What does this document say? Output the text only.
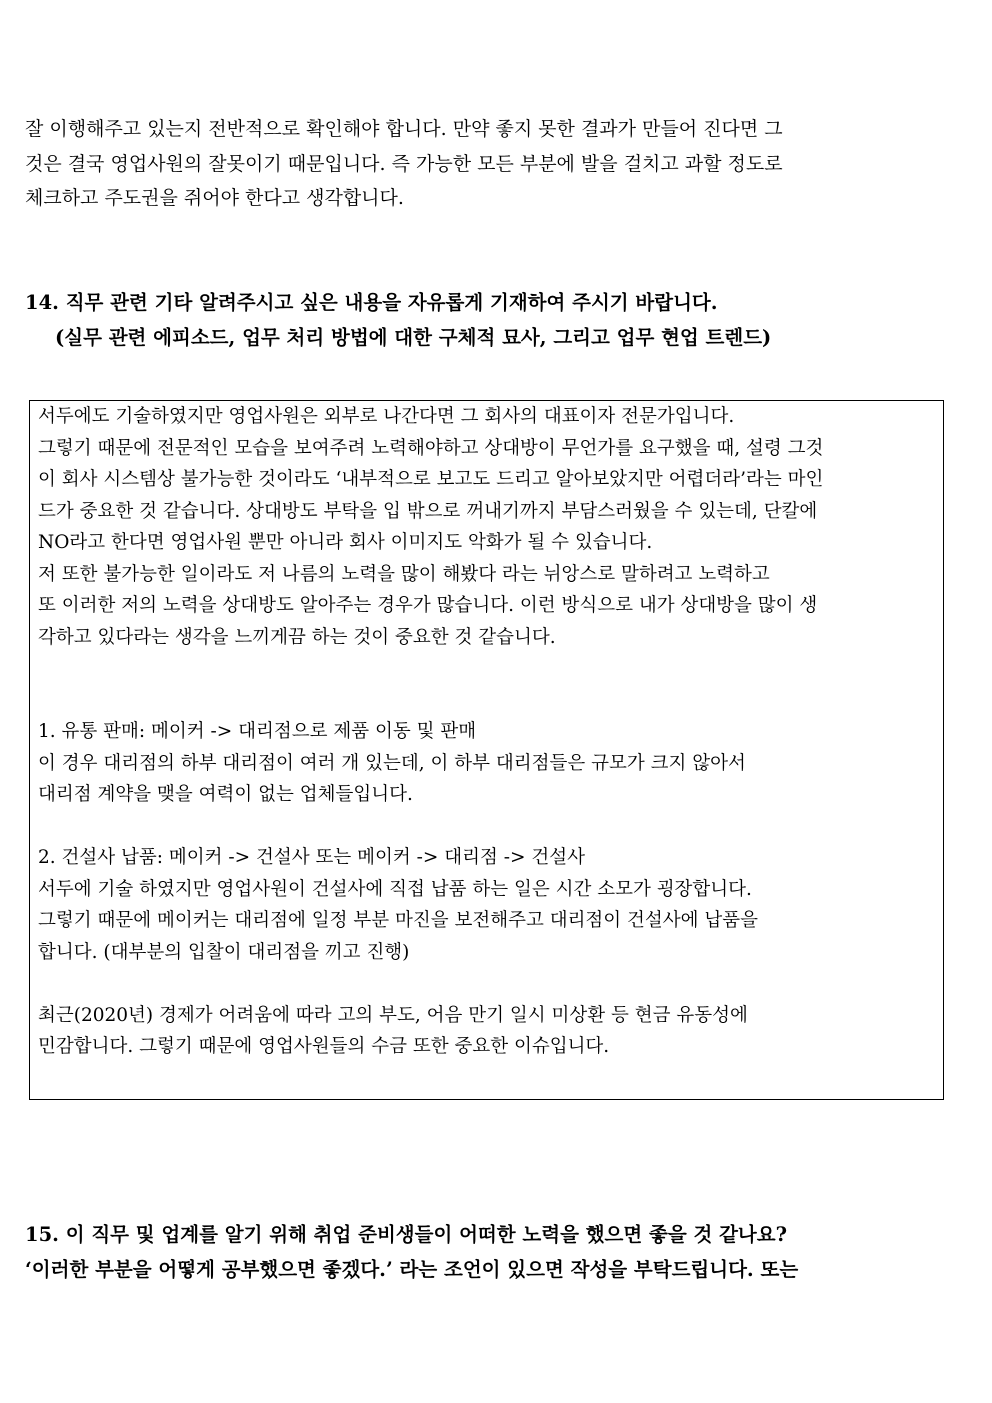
잘 이행해주고 있는지 전반적으로 확인해야 합니다. 만약 좋지 못한 결과가 만들어 진다면 그
것은 결국 영업사원의 잘못이기 때문입니다. 즉 가능한 모든 부분에 발을 걸치고 과할 정도로
체크하고 주도권을 쥐어야 한다고 생각합니다.
14. 직무 관련 기타 알려주시고 싶은 내용을 자유롭게 기재하여 주시기 바랍니다.
(실무 관련 에피소드, 업무 처리 방법에 대한 구체적 묘사, 그리고 업무 현업 트렌드)
서두에도 기술하였지만 영업사원은 외부로 나간다면 그 회사의 대표이자 전문가입니다.
그렇기 때문에 전문적인 모습을 보여주려 노력해야하고 상대방이 무언가를 요구했을 때, 설령 그것
이 회사 시스템상 불가능한 것이라도 ‘내부적으로 보고도 드리고 알아보았지만 어렵더라’라는 마인
드가 중요한 것 같습니다. 상대방도 부탁을 입 밖으로 꺼내기까지 부담스러웠을 수 있는데, 단칼에
NO라고 한다면 영업사원 뿐만 아니라 회사 이미지도 악화가 될 수 있습니다.
저 또한 불가능한 일이라도 저 나름의 노력을 많이 해봤다 라는 뉘앙스로 말하려고 노력하고
또 이러한 저의 노력을 상대방도 알아주는 경우가 많습니다. 이런 방식으로 내가 상대방을 많이 생
각하고 있다라는 생각을 느끼게끔 하는 것이 중요한 것 같습니다.
1. 유통 판매: 메이커 -> 대리점으로 제품 이동 및 판매
이 경우 대리점의 하부 대리점이 여러 개 있는데, 이 하부 대리점들은 규모가 크지 않아서
대리점 계약을 맺을 여력이 없는 업체들입니다.
2. 건설사 납품: 메이커 -> 건설사 또는 메이커 -> 대리점 -> 건설사
서두에 기술 하였지만 영업사원이 건설사에 직접 납품 하는 일은 시간 소모가 굉장합니다.
그렇기 때문에 메이커는 대리점에 일정 부분 마진을 보전해주고 대리점이 건설사에 납품을
합니다. (대부분의 입찰이 대리점을 끼고 진행)
최근(2020년) 경제가 어려움에 따라 고의 부도, 어음 만기 일시 미상환 등 현금 유동성에
민감합니다. 그렇기 때문에 영업사원들의 수금 또한 중요한 이슈입니다.
15. 이 직무 및 업계를 알기 위해 취업 준비생들이 어떠한 노력을 했으면 좋을 것 같나요?
‘이러한 부분을 어떻게 공부했으면 좋겠다.’ 라는 조언이 있으면 작성을 부탁드립니다. 또는
